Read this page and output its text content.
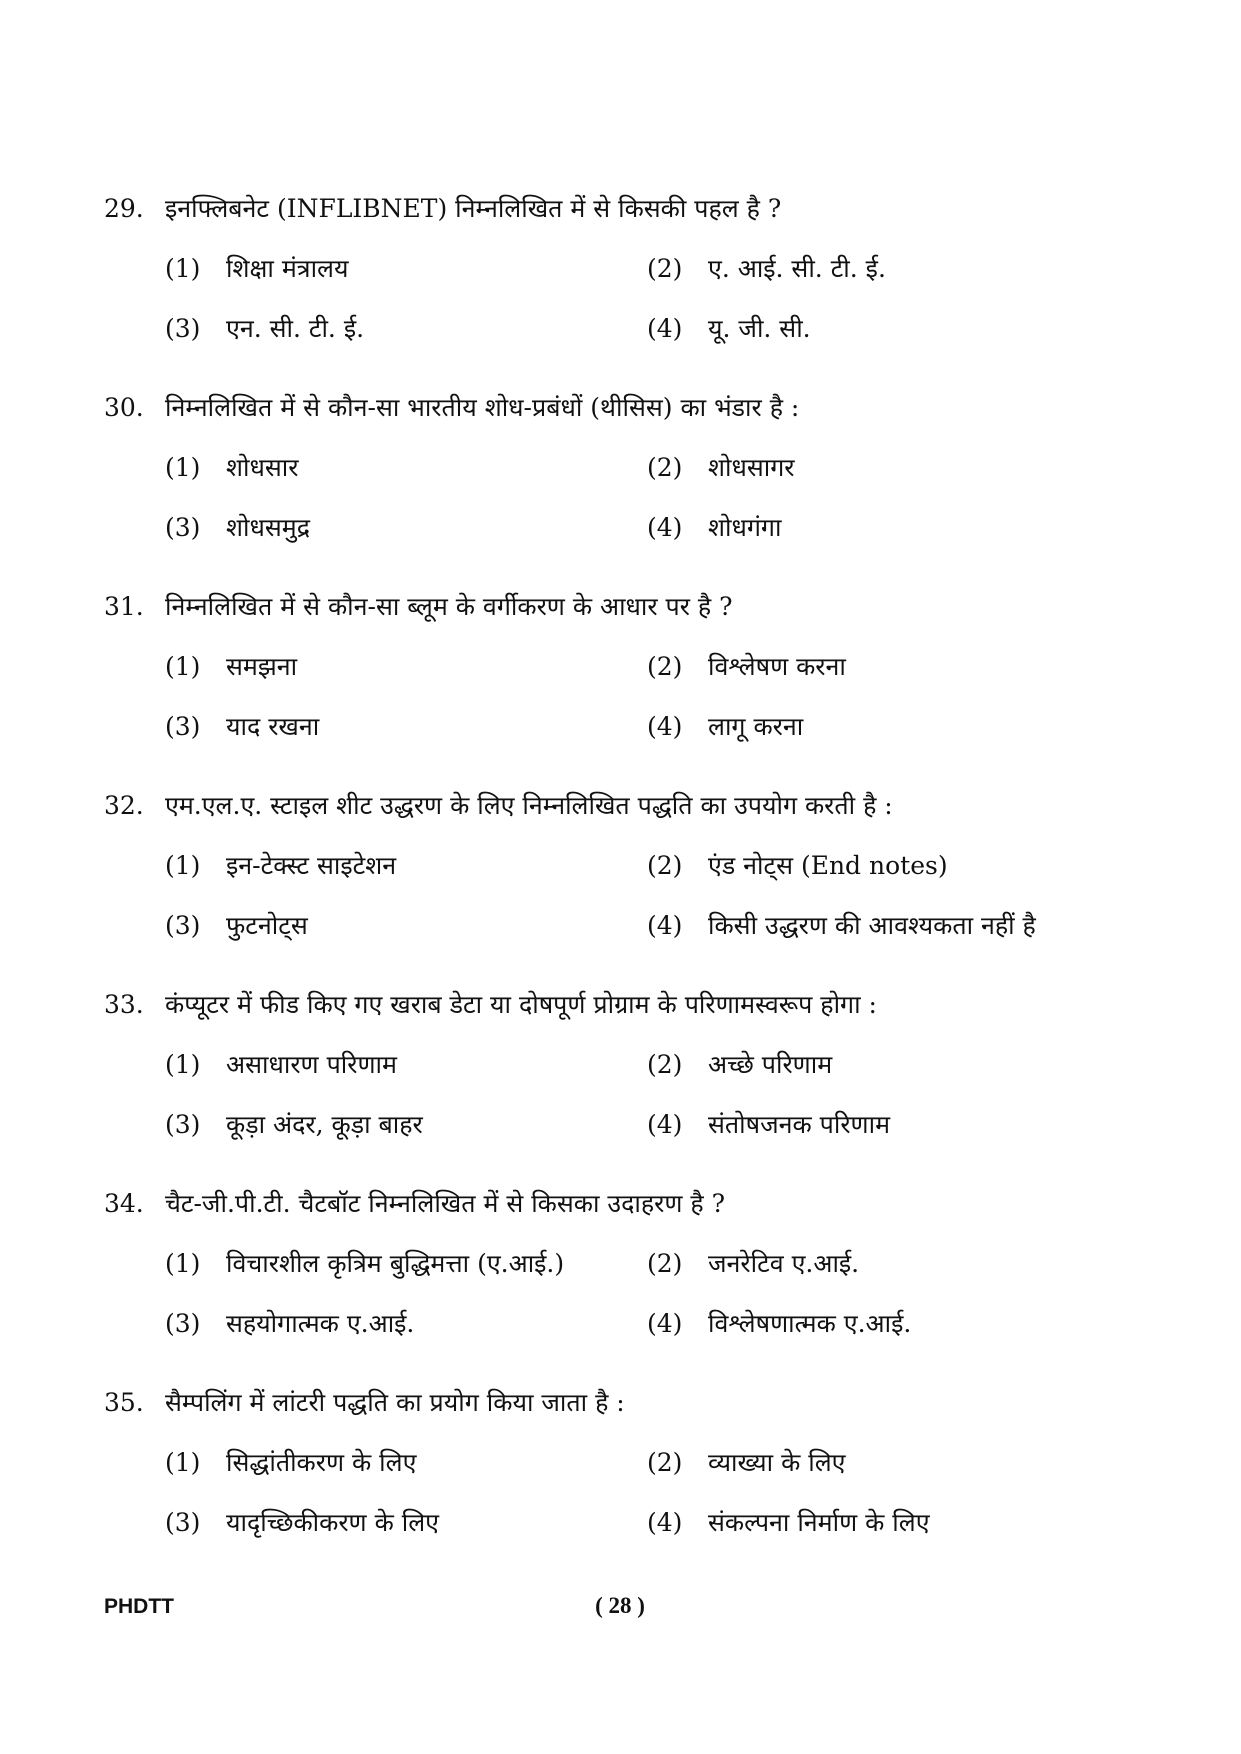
29. इनफ्लिबनेट (INFLIBNET) निम्नलिखित में से किसकी पहल है ?
(1) शिक्षा मंत्रालय	(2) ए. आई. सी. टी. ई.
(3) एन. सी. टी. ई.	(4) यू. जी. सी.
30. निम्नलिखित में से कौन-सा भारतीय शोध-प्रबंधों (थीसिस) का भंडार है :
(1) शोधसार	(2) शोधसागर
(3) शोधसमुद्र	(4) शोधगंगा
31. निम्नलिखित में से कौन-सा ब्लूम के वर्गीकरण के आधार पर है ?
(1) समझना	(2) विश्लेषण करना
(3) याद रखना	(4) लागू करना
32. एम.एल.ए. स्टाइल शीट उद्धरण के लिए निम्नलिखित पद्धति का उपयोग करती है :
(1) इन-टेक्स्ट साइटेशन	(2) एंड नोट्स (End notes)
(3) फुटनोट्स	(4) किसी उद्धरण की आवश्यकता नहीं है
33. कंप्यूटर में फीड किए गए खराब डेटा या दोषपूर्ण प्रोग्राम के परिणामस्वरूप होगा :
(1) असाधारण परिणाम	(2) अच्छे परिणाम
(3) कूड़ा अंदर, कूड़ा बाहर	(4) संतोषजनक परिणाम
34. चैट-जी.पी.टी. चैटबॉट निम्नलिखित में से किसका उदाहरण है ?
(1) विचारशील कृत्रिम बुद्धिमत्ता (ए.आई.)	(2) जनरेटिव ए.आई.
(3) सहयोगात्मक ए.आई.	(4) विश्लेषणात्मक ए.आई.
35. सैम्पलिंग में लांटरी पद्धति का प्रयोग किया जाता है :
(1) सिद्धांतीकरण के लिए	(2) व्याख्या के लिए
(3) यादृच्छिकीकरण के लिए	(4) संकल्पना निर्माण के लिए
PHDTT	( 28 )
